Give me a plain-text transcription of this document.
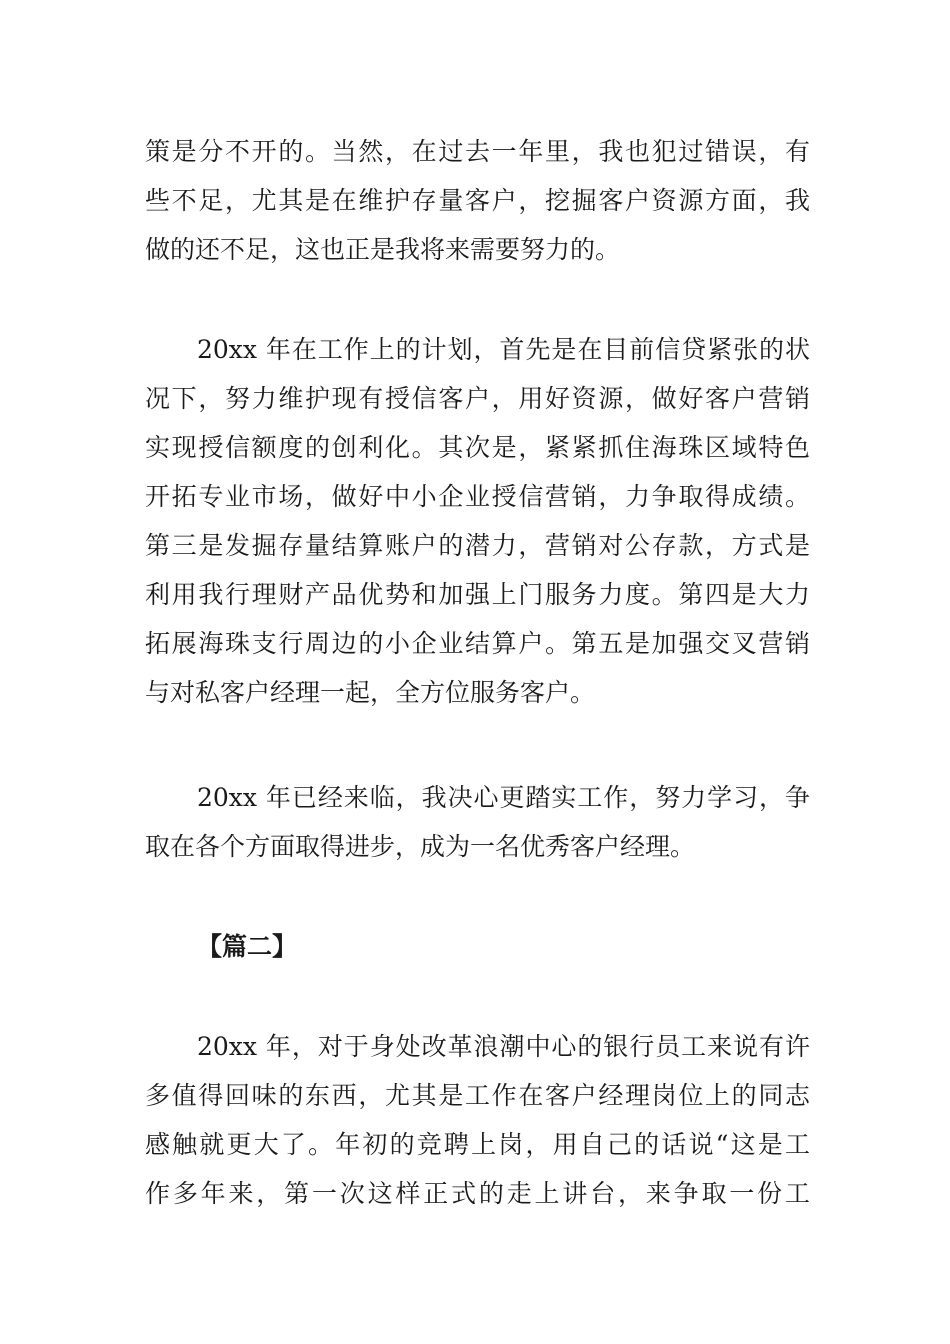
策是分不开的。当然，在过去一年里，我也犯过错误，有
些不足，尤其是在维护存量客户，挖掘客户资源方面，我
做的还不足，这也正是我将来需要努力的。
20xx 年在工作上的计划，首先是在目前信贷紧张的状
况下，努力维护现有授信客户，用好资源，做好客户营销
实现授信额度的创利化。其次是，紧紧抓住海珠区域特色
开拓专业市场，做好中小企业授信营销，力争取得成绩。
第三是发掘存量结算账户的潜力，营销对公存款，方式是
利用我行理财产品优势和加强上门服务力度。第四是大力
拓展海珠支行周边的小企业结算户。第五是加强交叉营销
与对私客户经理一起，全方位服务客户。
20xx 年已经来临，我决心更踏实工作，努力学习，争
取在各个方面取得进步，成为一名优秀客户经理。
【篇二】
20xx 年，对于身处改革浪潮中心的银行员工来说有许
多值得回味的东西，尤其是工作在客户经理岗位上的同志
感触就更大了。年初的竞聘上岗，用自己的话说“这是工
作多年来，第一次这样正式的走上讲台，来争取一份工
